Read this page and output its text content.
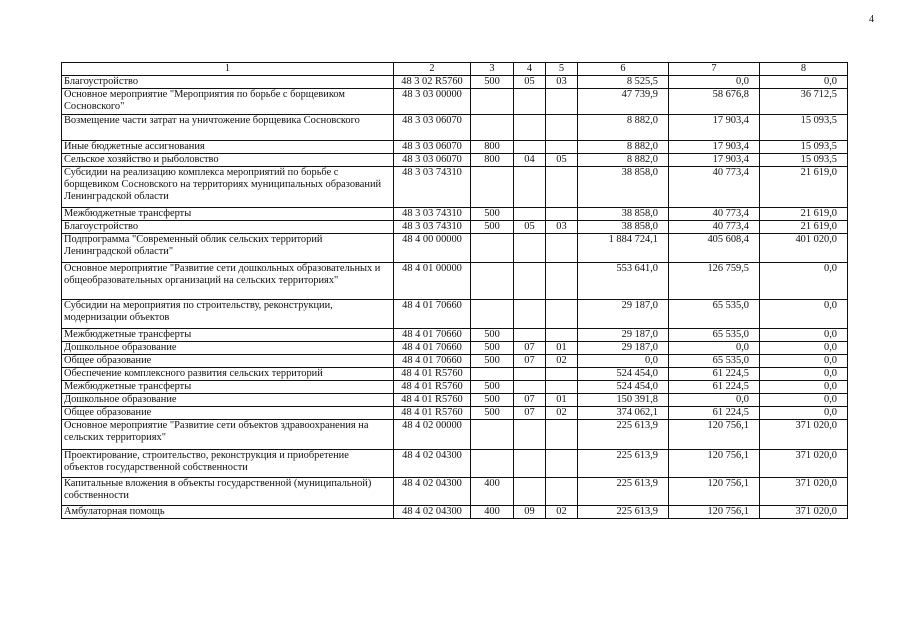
4
1	2	3	4	5	6	7	8
Благоустройство	48 3 02 R5760	500	05	03	8 525,5	0,0	0,0
Основное мероприятие "Мероприятия по борьбе с борщевиком Сосновского"	48 3 03 00000				47 739,9	58 676,8	36 712,5
Возмещение части затрат на уничтожение борщевика Сосновского	48 3 03 06070				8 882,0	17 903,4	15 093,5
Иные бюджетные ассигнования	48 3 03 06070	800			8 882,0	17 903,4	15 093,5
Сельское хозяйство и рыболовство	48 3 03 06070	800	04	05	8 882,0	17 903,4	15 093,5
Субсидии на реализацию комплекса мероприятий по борьбе с борщевиком Сосновского на территориях муниципальных образований Ленинградской области	48 3 03 74310				38 858,0	40 773,4	21 619,0
Межбюджетные трансферты	48 3 03 74310	500			38 858,0	40 773,4	21 619,0
Благоустройство	48 3 03 74310	500	05	03	38 858,0	40 773,4	21 619,0
Подпрограмма "Современный облик сельских территорий Ленинградской области"	48 4 00 00000				1 884 724,1	405 608,4	401 020,0
Основное мероприятие "Развитие сети дошкольных образовательных и общеобразовательных организаций на сельских территориях"	48 4 01 00000				553 641,0	126 759,5	0,0
Субсидии на мероприятия по строительству, реконструкции, модернизации объектов	48 4 01 70660				29 187,0	65 535,0	0,0
Межбюджетные трансферты	48 4 01 70660	500			29 187,0	65 535,0	0,0
Дошкольное образование	48 4 01 70660	500	07	01	29 187,0	0,0	0,0
Общее образование	48 4 01 70660	500	07	02	0,0	65 535,0	0,0
Обеспечение комплексного развития сельских территорий	48 4 01 R5760				524 454,0	61 224,5	0,0
Межбюджетные трансферты	48 4 01 R5760	500			524 454,0	61 224,5	0,0
Дошкольное образование	48 4 01 R5760	500	07	01	150 391,8	0,0	0,0
Общее образование	48 4 01 R5760	500	07	02	374 062,1	61 224,5	0,0
Основное мероприятие "Развитие сети объектов здравоохранения на сельских территориях"	48 4 02 00000				225 613,9	120 756,1	371 020,0
Проектирование, строительство, реконструкция и приобретение объектов государственной собственности	48 4 02 04300				225 613,9	120 756,1	371 020,0
Капитальные вложения в объекты государственной (муниципальной) собственности	48 4 02 04300	400			225 613,9	120 756,1	371 020,0
Амбулаторная помощь	48 4 02 04300	400	09	02	225 613,9	120 756,1	371 020,0
